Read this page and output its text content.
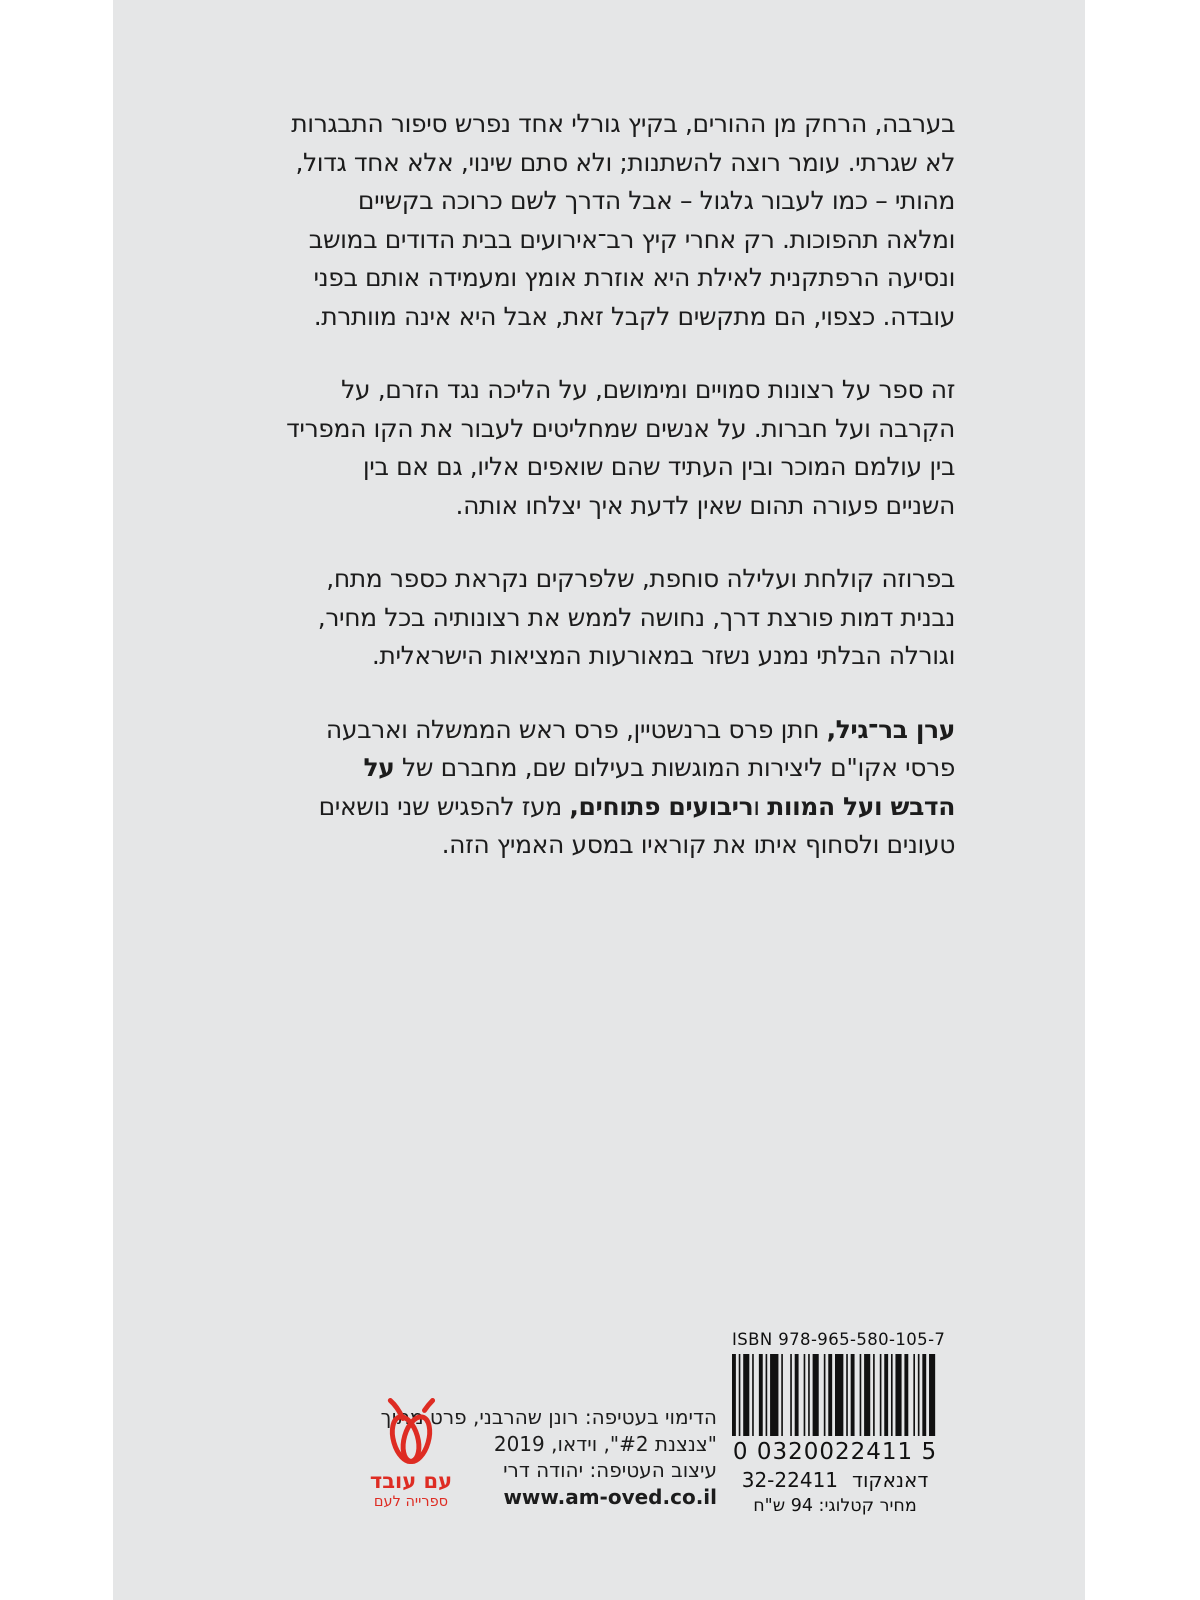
בערבה, הרחק מן ההורים, בקיץ גורלי אחד נפרש סיפור התבגרות
לא שגרתי. עומר רוצה להשתנות; ולא סתם שינוי, אלא אחד גדול,
מהותי – כמו לעבור גלגול – אבל הדרך לשם כרוכה בקשיים
ומלאה תהפוכות. רק אחרי קיץ רב־אירועים בבית הדודים במושב
ונסיעה הרפתקנית לאילת היא אוזרת אומץ ומעמידה אותם בפני
עובדה. כצפוי, הם מתקשים לקבל זאת, אבל היא אינה מוותרת.
זה ספר על רצונות סמויים ומימושם, על הליכה נגד הזרם, על
הקִרבה ועל חברות. על אנשים שמחליטים לעבור את הקו המפריד
בין עולמם המוכר ובין העתיד שהם שואפים אליו, גם אם בין
השניים פעורה תהום שאין לדעת איך יצלחו אותה.
בפרוזה קולחת ועלילה סוחפת, שלפרקים נקראת כספר מתח,
נבנית דמות פורצת דרך, נחושה לממש את רצונותיה בכל מחיר,
וגורלה הבלתי נמנע נשזר במאורעות המציאות הישראלית.
ערן בר־גיל, חתן פרס ברנשטיין, פרס ראש הממשלה וארבעה
פרסי אקו"ם ליצירות המוגשות בעילום שם, מחברם של על
הדבש ועל המוות וריבועים פתוחים, מעז להפגיש שני נושאים
טעונים ולסחוף איתו את קוראיו במסע האמיץ הזה.
ISBN 978-965-580-105-7
0 0320022411 5
דאנאקוד32-22411
מחיר קטלוגי: 94 ש"ח
הדימוי בעטיפה: רונן שהרבני, פרט מתוך
"צנצנת #2", וידאו, 2019
עיצוב העטיפה: יהודה דרי
www.am-oved.co.il
עם עובד
ספרייה לעם
